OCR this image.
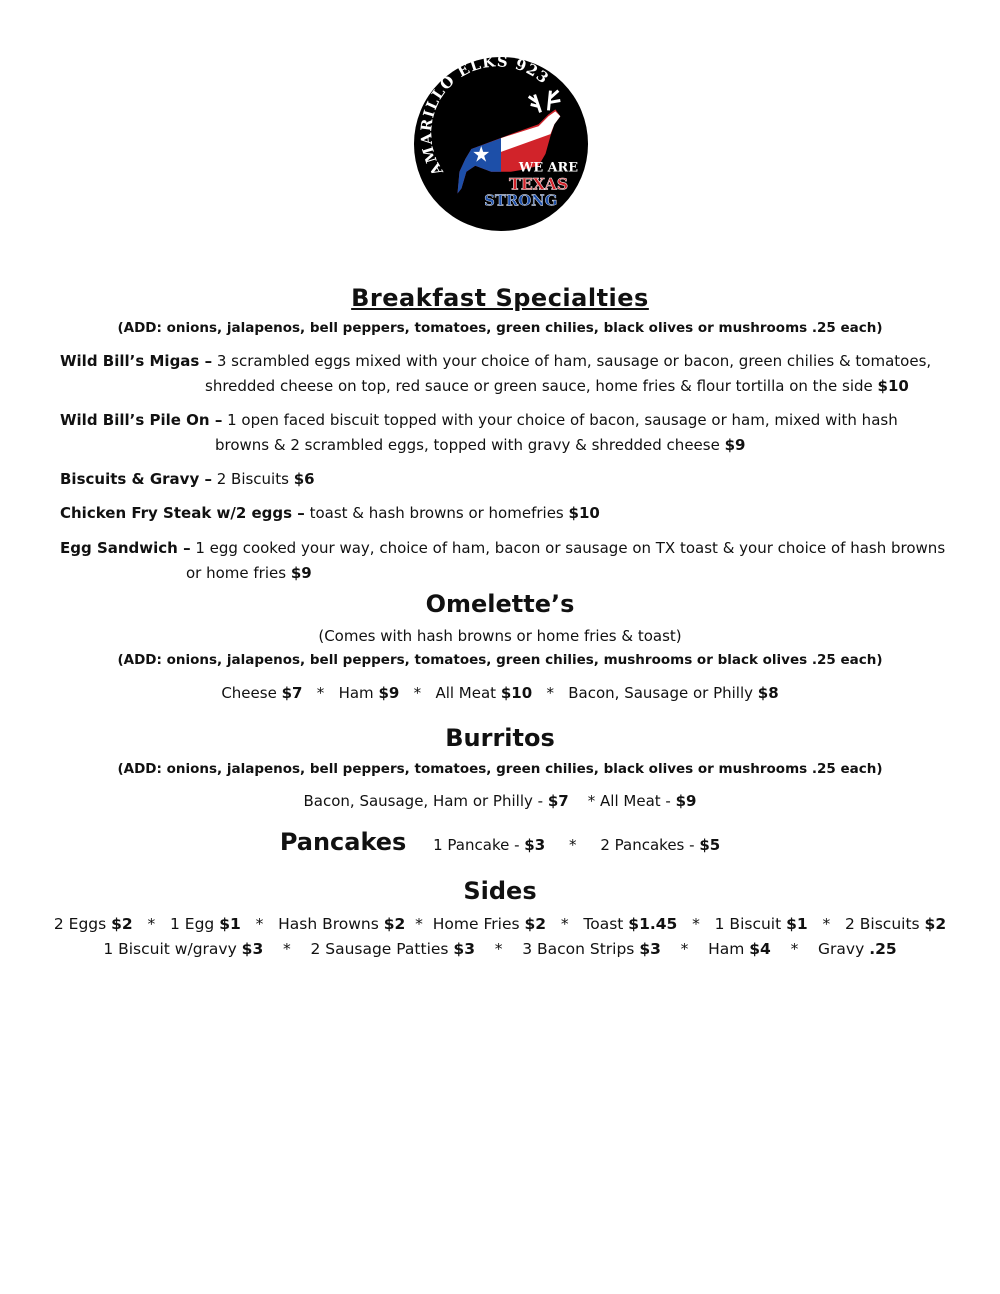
AMARILLO ELKS 923
WE ARE
TEXAS
STRONG
Breakfast Specialties
(ADD: onions, jalapenos, bell peppers, tomatoes, green chilies, black olives or mushrooms .25 each)
Wild Bill’s Migas – 3 scrambled eggs mixed with your choice of ham, sausage or bacon, green chilies & tomatoes,
shredded cheese on top, red sauce or green sauce, home fries & flour tortilla on the side $10
Wild Bill’s Pile On – 1 open faced biscuit topped with your choice of bacon, sausage or ham, mixed with hash
browns & 2 scrambled eggs, topped with gravy & shredded cheese $9
Biscuits & Gravy – 2 Biscuits $6
Chicken Fry Steak w/2 eggs – toast & hash browns or homefries $10
Egg Sandwich – 1 egg cooked your way, choice of ham, bacon or sausage on TX toast & your choice of hash browns
or home fries $9
Omelette’s
(Comes with hash browns or home fries & toast)
(ADD: onions, jalapenos, bell peppers, tomatoes, green chilies, mushrooms or black olives .25 each)
Cheese $7 * Ham $9 * All Meat $10 * Bacon, Sausage or Philly $8
Burritos
(ADD: onions, jalapenos, bell peppers, tomatoes, green chilies, black olives or mushrooms .25 each)
Bacon, Sausage, Ham or Philly - $7 * All Meat - $9
Pancakes 1 Pancake - $3 * 2 Pancakes - $5
Sides
2 Eggs $2 * 1 Egg $1 * Hash Browns $2 * Home Fries $2 * Toast $1.45 * 1 Biscuit $1 * 2 Biscuits $2
1 Biscuit w/gravy $3 * 2 Sausage Patties $3 * 3 Bacon Strips $3 * Ham $4 * Gravy .25
